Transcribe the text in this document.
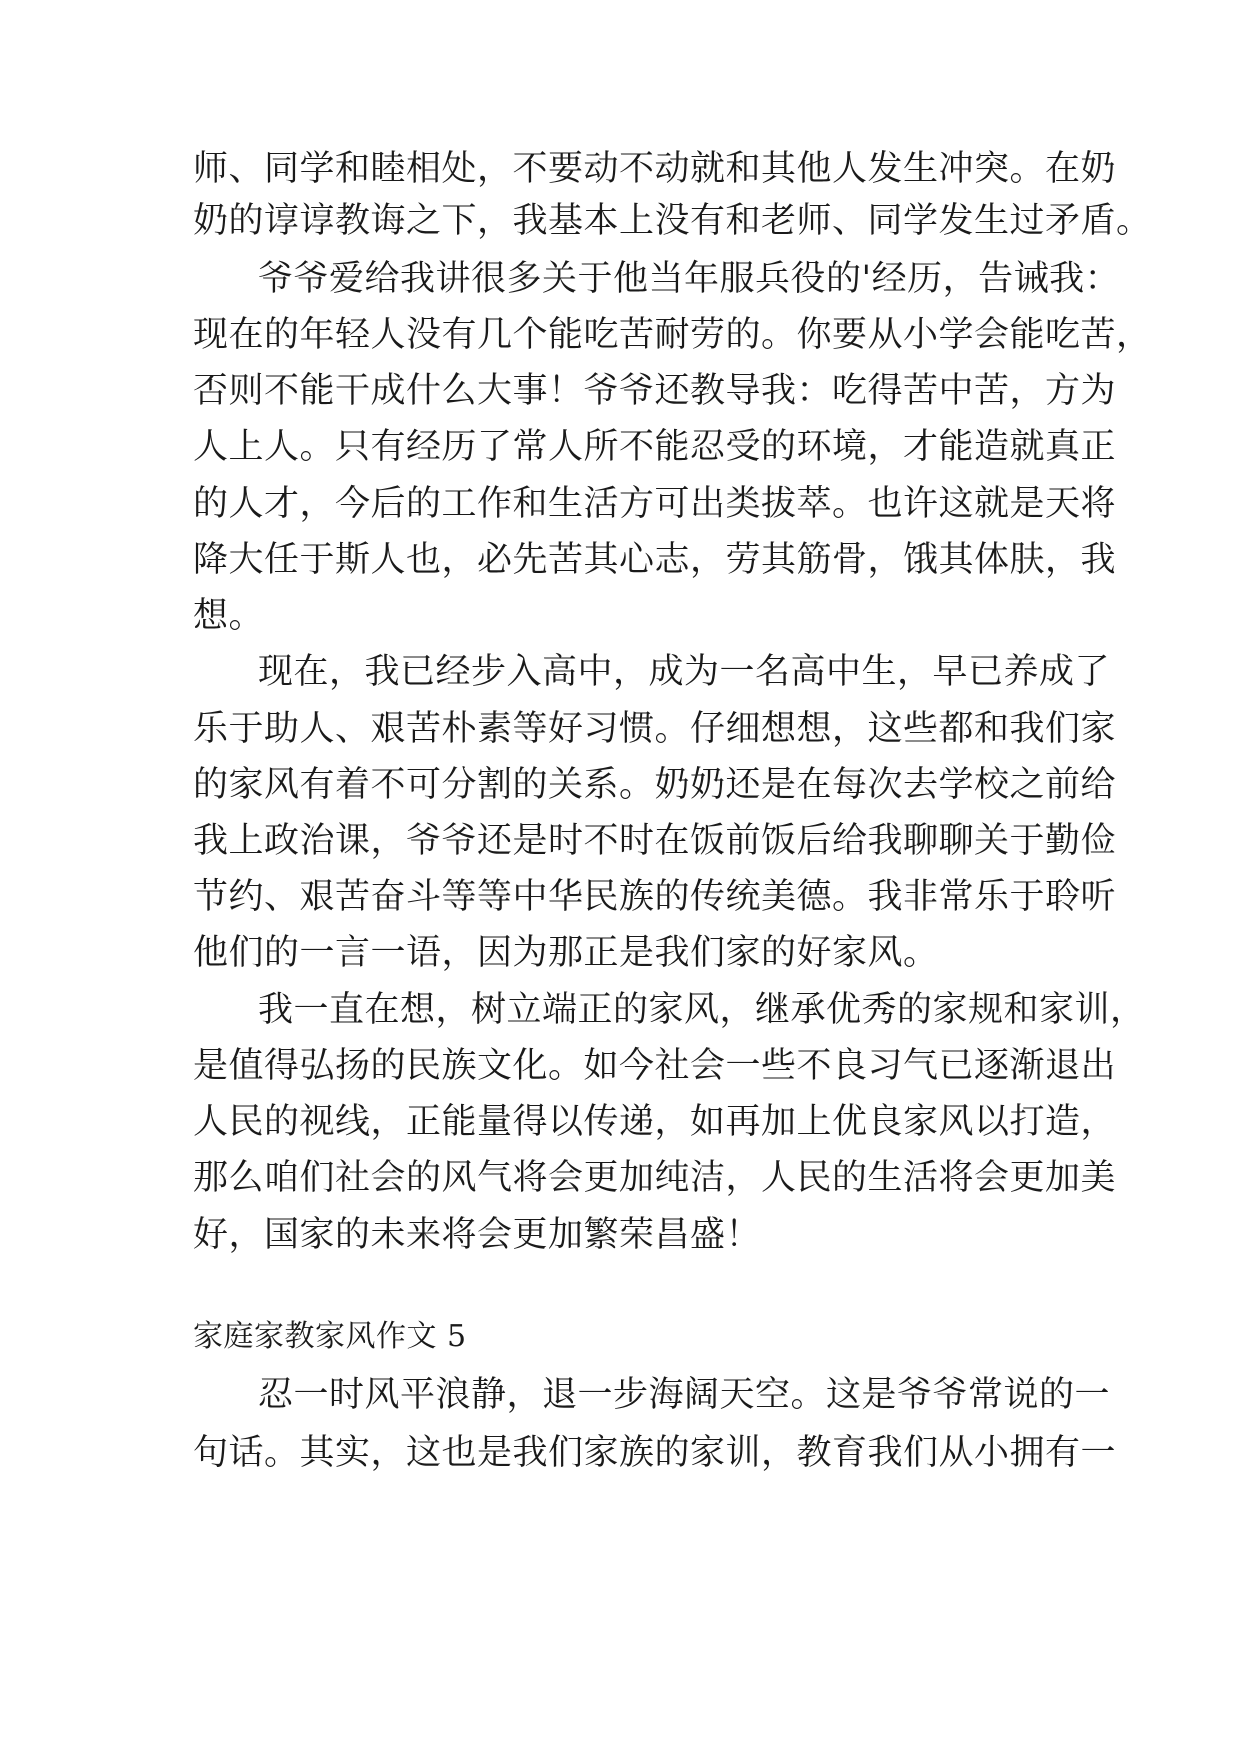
师、同学和睦相处，不要动不动就和其他人发生冲突。在奶
奶的谆谆教诲之下，我基本上没有和老师、同学发生过矛盾。
爷爷爱给我讲很多关于他当年服兵役的'经历，告诫我：
现在的年轻人没有几个能吃苦耐劳的。你要从小学会能吃苦，
否则不能干成什么大事！爷爷还教导我：吃得苦中苦，方为
人上人。只有经历了常人所不能忍受的环境，才能造就真正
的人才，今后的工作和生活方可出类拔萃。也许这就是天将
降大任于斯人也，必先苦其心志，劳其筋骨，饿其体肤，我
想。
现在，我已经步入高中，成为一名高中生，早已养成了
乐于助人、艰苦朴素等好习惯。仔细想想，这些都和我们家
的家风有着不可分割的关系。奶奶还是在每次去学校之前给
我上政治课，爷爷还是时不时在饭前饭后给我聊聊关于勤俭
节约、艰苦奋斗等等中华民族的传统美德。我非常乐于聆听
他们的一言一语，因为那正是我们家的好家风。
我一直在想，树立端正的家风，继承优秀的家规和家训，
是值得弘扬的民族文化。如今社会一些不良习气已逐渐退出
人民的视线，正能量得以传递，如再加上优良家风以打造，
那么咱们社会的风气将会更加纯洁，人民的生活将会更加美
好，国家的未来将会更加繁荣昌盛！
家庭家教家风作文 5
忍一时风平浪静，退一步海阔天空。这是爷爷常说的一
句话。其实，这也是我们家族的家训，教育我们从小拥有一
